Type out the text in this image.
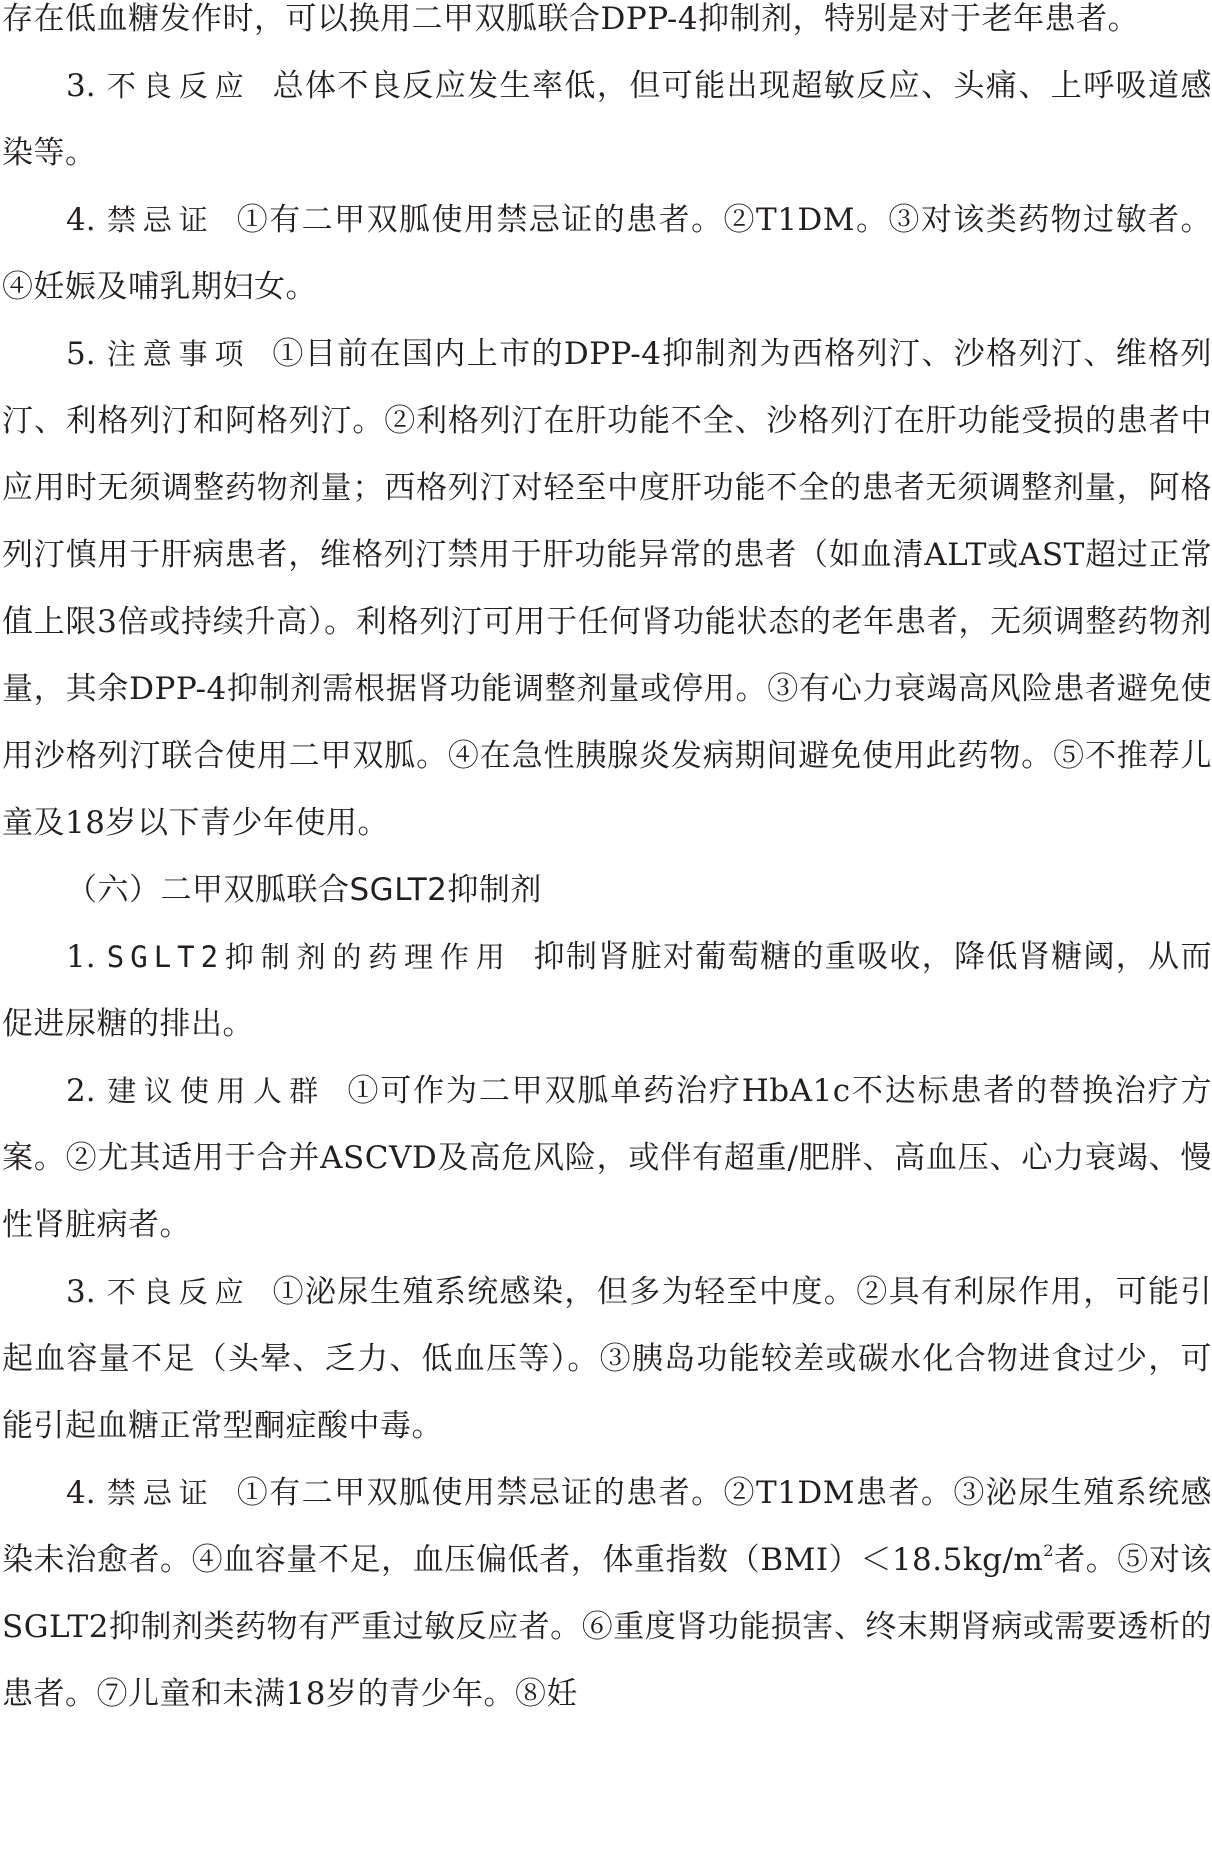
存在低血糖发作时，可以换用二甲双胍联合DPP-4抑制剂，特别是对于老年患者。

3. 不良反应 总体不良反应发生率低，但可能出现超敏反应、头痛、上呼吸道感染等。

4. 禁忌证 ①有二甲双胍使用禁忌证的患者。②T1DM。③对该类药物过敏者。④妊娠及哺乳期妇女。

5. 注意事项 ①目前在国内上市的DPP-4抑制剂为西格列汀、沙格列汀、维格列汀、利格列汀和阿格列汀。②利格列汀在肝功能不全、沙格列汀在肝功能受损的患者中应用时无须调整药物剂量；西格列汀对轻至中度肝功能不全的患者无须调整剂量，阿格列汀慎用于肝病患者，维格列汀禁用于肝功能异常的患者（如血清ALT或AST超过正常值上限3倍或持续升高）。利格列汀可用于任何肾功能状态的老年患者，无须调整药物剂量，其余DPP-4抑制剂需根据肾功能调整剂量或停用。③有心力衰竭高风险患者避免使用沙格列汀联合使用二甲双胍。④在急性胰腺炎发病期间避免使用此药物。⑤不推荐儿童及18岁以下青少年使用。

（六）二甲双胍联合SGLT2抑制剂

1. SGLT2抑制剂的药理作用 抑制肾脏对葡萄糖的重吸收，降低肾糖阈，从而促进尿糖的排出。

2. 建议使用人群 ①可作为二甲双胍单药治疗HbA1c不达标患者的替换治疗方案。②尤其适用于合并ASCVD及高危风险，或伴有超重/肥胖、高血压、心力衰竭、慢性肾脏病者。

3. 不良反应 ①泌尿生殖系统感染，但多为轻至中度。②具有利尿作用，可能引起血容量不足（头晕、乏力、低血压等）。③胰岛功能较差或碳水化合物进食过少，可能引起血糖正常型酮症酸中毒。

4. 禁忌证 ①有二甲双胍使用禁忌证的患者。②T1DM患者。③泌尿生殖系统感染未治愈者。④血容量不足，血压偏低者，体重指数$(BMI)<18.5kg/m^2$者。⑤对该SGLT2抑制剂类药物有严重过敏反应者。⑥重度肾功能损害、终末期肾病或需要透析的患者。⑦儿童和未满18岁的青少年。⑧妊
